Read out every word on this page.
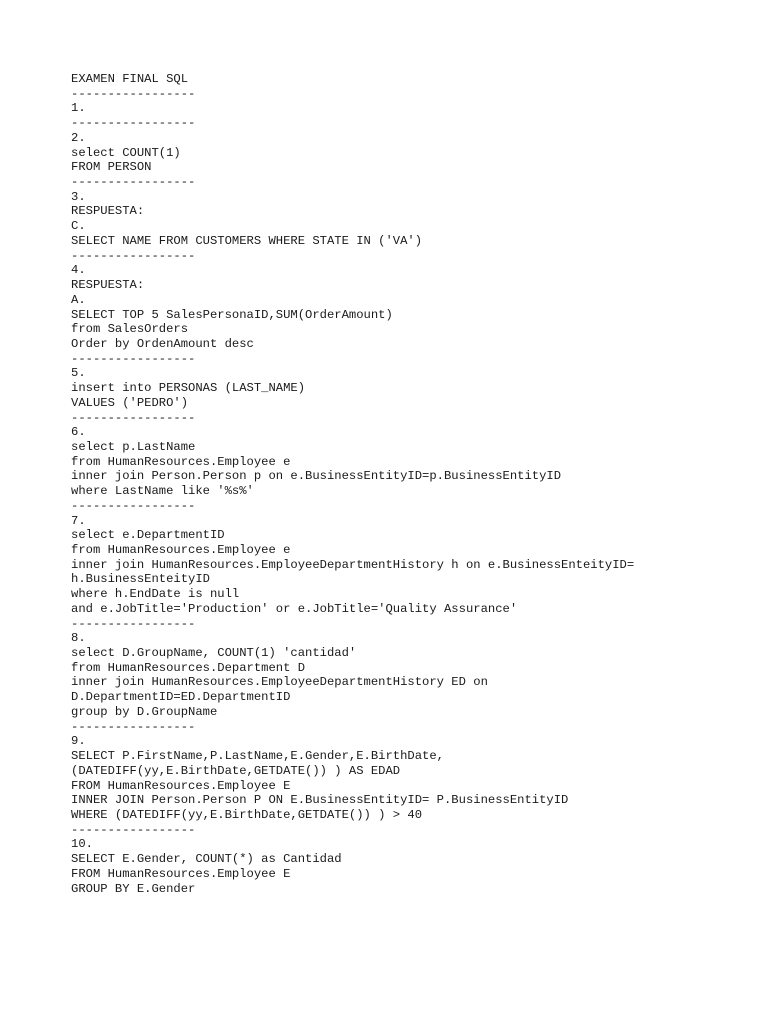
EXAMEN FINAL SQL
-----------------
1.
-----------------
2.
select COUNT(1)
FROM PERSON
-----------------
3.
RESPUESTA:
C.
SELECT NAME FROM CUSTOMERS WHERE STATE IN ('VA')
-----------------
4.
RESPUESTA:
A.
SELECT TOP 5 SalesPersonaID,SUM(OrderAmount)
from SalesOrders
Order by OrdenAmount desc
-----------------
5.
insert into PERSONAS (LAST_NAME)
VALUES ('PEDRO')
-----------------
6.
select p.LastName
from HumanResources.Employee e
inner join Person.Person p on e.BusinessEntityID=p.BusinessEntityID
where LastName like '%s%'
-----------------
7.
select e.DepartmentID
from HumanResources.Employee e
inner join HumanResources.EmployeeDepartmentHistory h on e.BusinessEnteityID=
h.BusinessEnteityID
where h.EndDate is null
and e.JobTitle='Production' or e.JobTitle='Quality Assurance'
-----------------
8.
select D.GroupName, COUNT(1) 'cantidad'
from HumanResources.Department D
inner join HumanResources.EmployeeDepartmentHistory ED on
D.DepartmentID=ED.DepartmentID
group by D.GroupName
-----------------
9.
SELECT P.FirstName,P.LastName,E.Gender,E.BirthDate,
(DATEDIFF(yy,E.BirthDate,GETDATE()) ) AS EDAD
FROM HumanResources.Employee E
INNER JOIN Person.Person P ON E.BusinessEntityID= P.BusinessEntityID
WHERE (DATEDIFF(yy,E.BirthDate,GETDATE()) ) > 40
-----------------
10.
SELECT E.Gender, COUNT(*) as Cantidad
FROM HumanResources.Employee E
GROUP BY E.Gender
